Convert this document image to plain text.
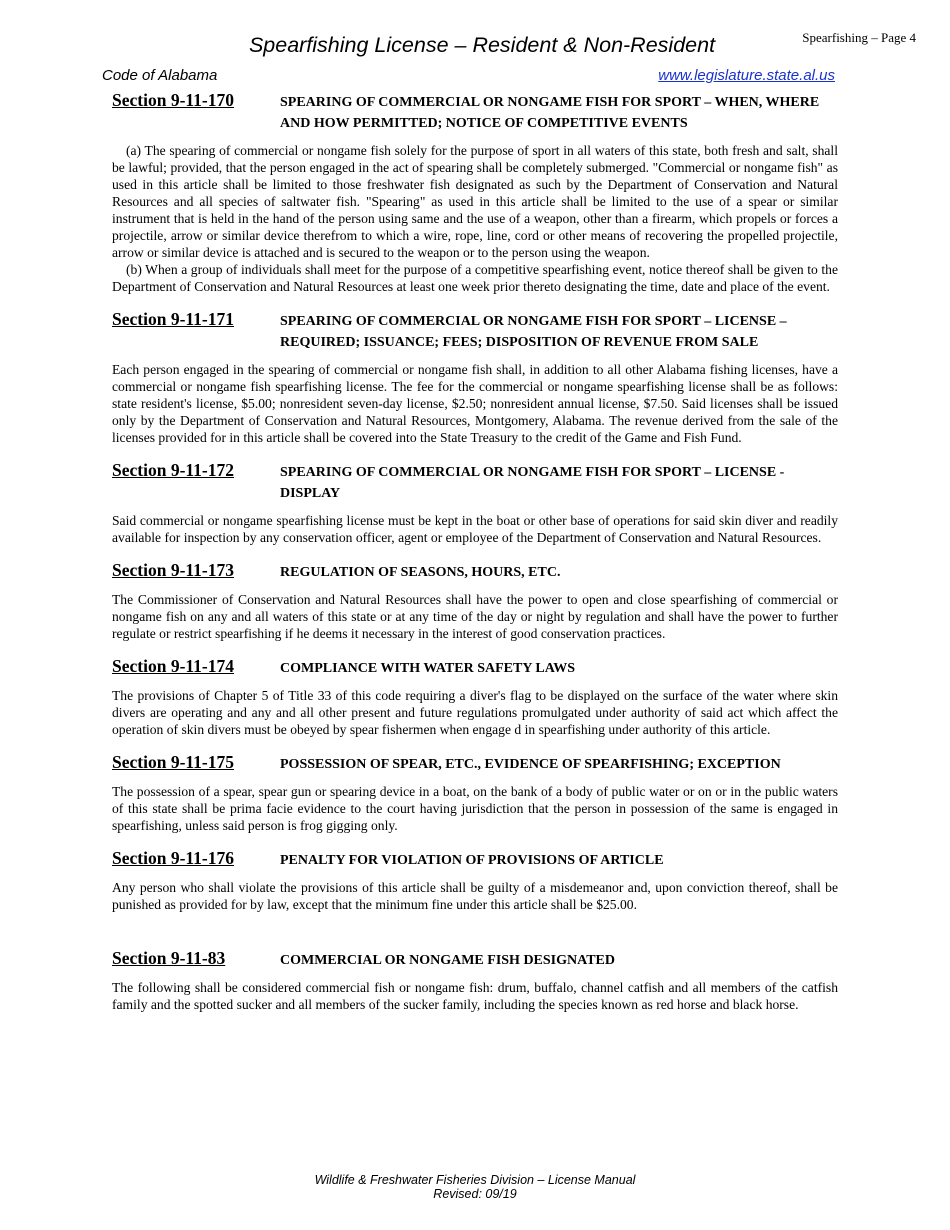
Spearfishing – Page 4
Spearfishing License – Resident & Non-Resident
Code of Alabama	www.legislature.state.al.us
Section 9-11-170	SPEARING OF COMMERCIAL OR NONGAME FISH FOR SPORT – WHEN, WHERE AND HOW PERMITTED; NOTICE OF COMPETITIVE EVENTS

(a) The spearing of commercial or nongame fish solely for the purpose of sport in all waters of this state, both fresh and salt, shall be lawful; provided, that the person engaged in the act of spearing shall be completely submerged. "Commercial or nongame fish" as used in this article shall be limited to those freshwater fish designated as such by the Department of Conservation and Natural Resources and all species of saltwater fish. "Spearing" as used in this article shall be limited to the use of a spear or similar instrument that is held in the hand of the person using same and the use of a weapon, other than a firearm, which propels or forces a projectile, arrow or similar device therefrom to which a wire, rope, line, cord or other means of recovering the propelled projectile, arrow or similar device is attached and is secured to the weapon or to the person using the weapon.

(b) When a group of individuals shall meet for the purpose of a competitive spearfishing event, notice thereof shall be given to the Department of Conservation and Natural Resources at least one week prior thereto designating the time, date and place of the event.

Section 9-11-171	SPEARING OF COMMERCIAL OR NONGAME FISH FOR SPORT – LICENSE – REQUIRED; ISSUANCE; FEES; DISPOSITION OF REVENUE FROM SALE

Each person engaged in the spearing of commercial or nongame fish shall, in addition to all other Alabama fishing licenses, have a commercial or nongame fish spearfishing license. The fee for the commercial or nongame spearfishing license shall be as follows: state resident's license, $5.00; nonresident seven-day license, $2.50; nonresident annual license, $7.50. Said licenses shall be issued only by the Department of Conservation and Natural Resources, Montgomery, Alabama. The revenue derived from the sale of the licenses provided for in this article shall be covered into the State Treasury to the credit of the Game and Fish Fund.

Section 9-11-172	SPEARING OF COMMERCIAL OR NONGAME FISH FOR SPORT – LICENSE - DISPLAY

Said commercial or nongame spearfishing license must be kept in the boat or other base of operations for said skin diver and readily available for inspection by any conservation officer, agent or employee of the Department of Conservation and Natural Resources.

Section 9-11-173	REGULATION OF SEASONS, HOURS, ETC.

The Commissioner of Conservation and Natural Resources shall have the power to open and close spearfishing of commercial or nongame fish on any and all waters of this state or at any time of the day or night by regulation and shall have the power to further regulate or restrict spearfishing if he deems it necessary in the interest of good conservation practices.

Section 9-11-174	COMPLIANCE WITH WATER SAFETY LAWS

The provisions of Chapter 5 of Title 33 of this code requiring a diver's flag to be displayed on the surface of the water where skin divers are operating and any and all other present and future regulations promulgated under authority of said act which affect the operation of skin divers must be obeyed by spear fishermen when engage d in spearfishing under authority of this article.

Section 9-11-175	POSSESSION OF SPEAR, ETC., EVIDENCE OF SPEARFISHING; EXCEPTION

The possession of a spear, spear gun or spearing device in a boat, on the bank of a body of public water or on or in the public waters of this state shall be prima facie evidence to the court having jurisdiction that the person in possession of the same is engaged in spearfishing, unless said person is frog gigging only.

Section 9-11-176	PENALTY FOR VIOLATION OF PROVISIONS OF ARTICLE

Any person who shall violate the provisions of this article shall be guilty of a misdemeanor and, upon conviction thereof, shall be punished as provided for by law, except that the minimum fine under this article shall be $25.00.

Section 9-11-83	COMMERCIAL OR NONGAME FISH DESIGNATED

The following shall be considered commercial fish or nongame fish: drum, buffalo, channel catfish and all members of the catfish family and the spotted sucker and all members of the sucker family, including the species known as red horse and black horse.

Wildlife & Freshwater Fisheries Division – License Manual
Revised: 09/19
